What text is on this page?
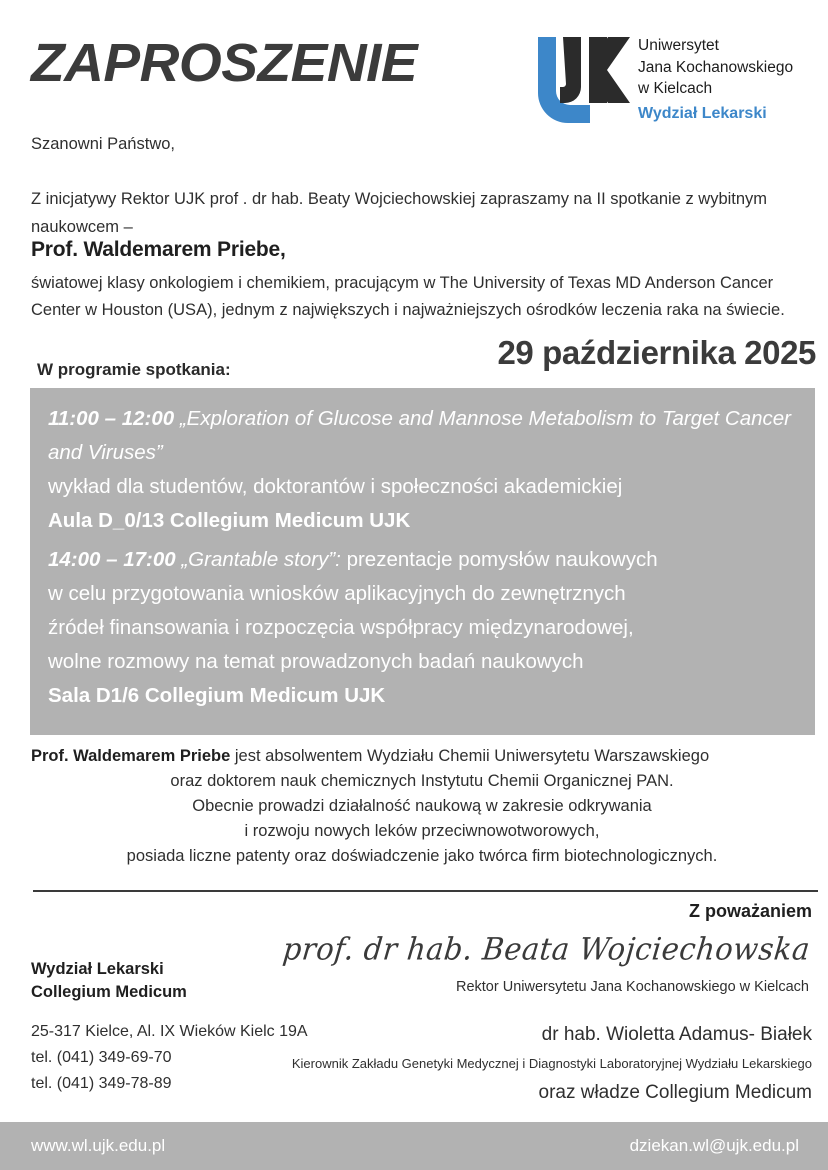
ZAPROSZENIE	Uniwersytet
Jana Kochanowskiego
w Kielcach
Wydział Lekarski
Szanowni Państwo,
Z inicjatywy Rektor UJK prof . dr hab. Beaty Wojciechowskiej zapraszamy na II spotkanie z wybitnym naukowcem –
Prof. Waldemarem Priebe,
światowej klasy onkologiem i chemikiem, pracującym w The University of Texas MD Anderson Cancer Center w Houston (USA), jednym z największych i najważniejszych ośrodków leczenia raka na świecie.
29 października 2025
W programie spotkania:

11:00 – 12:00 „Exploration of Glucose and Mannose Metabolism to Target Cancer and Viruses”

wykład dla studentów, doktorantów i społeczności akademickiej

Aula D_0/13 Collegium Medicum UJK

14:00 – 17:00 „Grantable story”: prezentacje pomysłów naukowych

w celu przygotowania wniosków aplikacyjnych do zewnętrznych

źródeł finansowania i rozpoczęcia współpracy międzynarodowej,

wolne rozmowy na temat prowadzonych badań naukowych

Sala D1/6 Collegium Medicum UJK

Prof. Waldemarem Priebe jest absolwentem Wydziału Chemii Uniwersytetu Warszawskiego
oraz doktorem nauk chemicznych Instytutu Chemii Organicznej PAN.
Obecnie prowadzi działalność naukową w zakresie odkrywania
i rozwoju nowych leków przeciwnowotworowych,
posiada liczne patenty oraz doświadczenie jako twórca firm biotechnologicznych.
Z poważaniem
prof. dr hab. Beata Wojciechowska
Rektor Uniwersytetu Jana Kochanowskiego w Kielcach
Wydział Lekarski
Collegium Medicum
25-317 Kielce, Al. IX Wieków Kielc 19A
tel. (041) 349-69-70
tel. (041) 349-78-89
dr hab. Wioletta Adamus- Białek
Kierownik Zakładu Genetyki Medycznej i Diagnostyki Laboratoryjnej Wydziału Lekarskiego
oraz władze Collegium Medicum
www.wl.ujk.edu.pl	dziekan.wl@ujk.edu.pl
